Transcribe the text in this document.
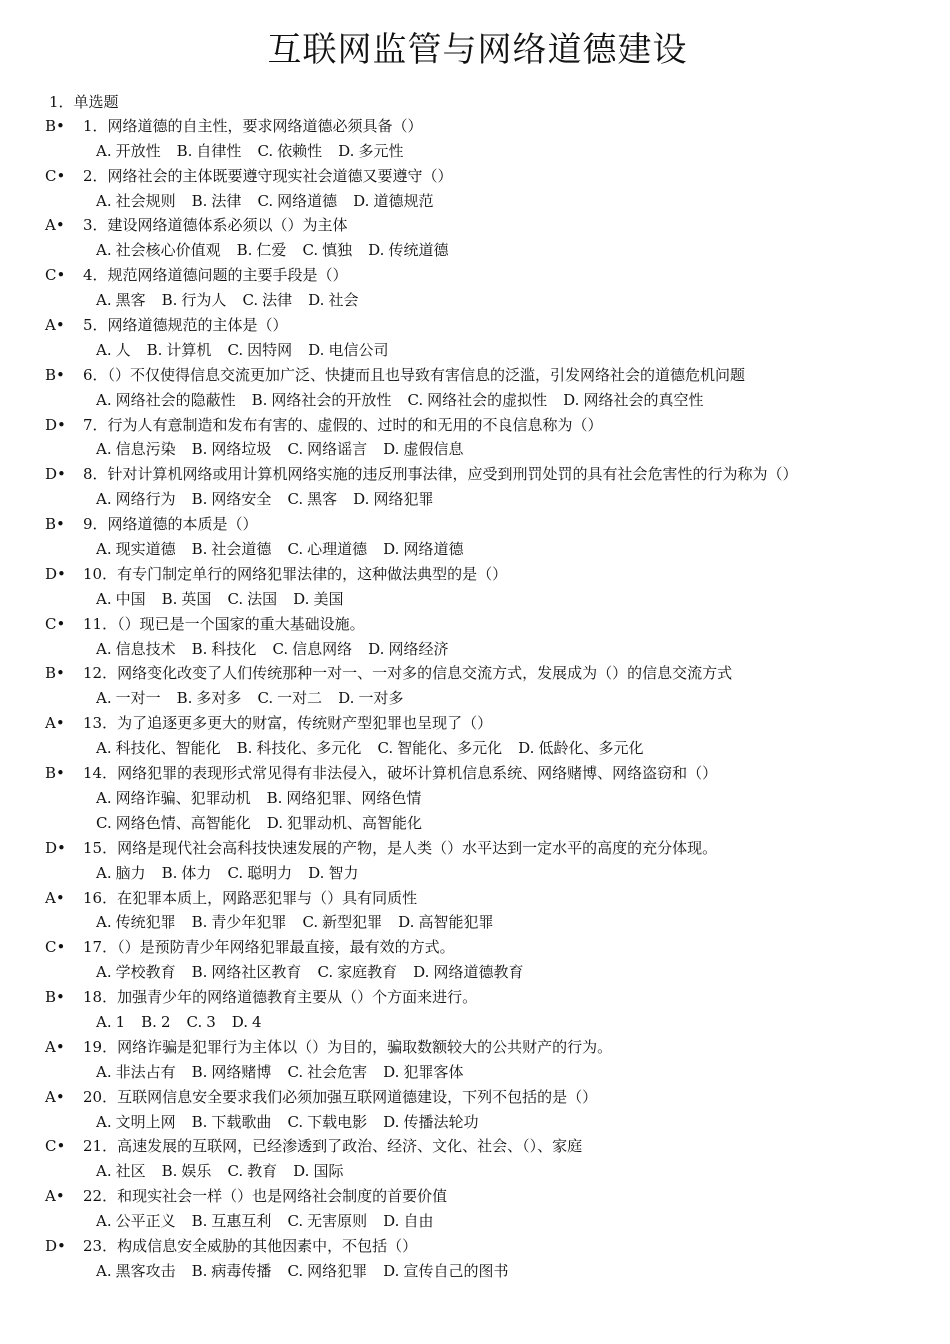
互联网监管与网络道德建设
1．单选题
B•	1．网络道德的自主性，要求网络道德必须具备（）
A. 开放性 B. 自律性 C. 依赖性 D. 多元性
C•	2．网络社会的主体既要遵守现实社会道德又要遵守（）
A. 社会规则 B. 法律 C. 网络道德 D. 道德规范
A•	3．建设网络道德体系必须以（）为主体
A. 社会核心价值观 B. 仁爱 C. 慎独 D. 传统道德
C•	4．规范网络道德问题的主要手段是（）
A. 黑客 B. 行为人 C. 法律 D. 社会
A•	5．网络道德规范的主体是（）
A. 人 B. 计算机 C. 因特网 D. 电信公司
B•	6．（）不仅使得信息交流更加广泛、快捷而且也导致有害信息的泛滥，引发网络社会的道德危机问题
A. 网络社会的隐蔽性 B. 网络社会的开放性 C. 网络社会的虚拟性 D. 网络社会的真空性
D•	7．行为人有意制造和发布有害的、虚假的、过时的和无用的不良信息称为（）
A. 信息污染 B. 网络垃圾 C. 网络谣言 D. 虚假信息
D•	8．针对计算机网络或用计算机网络实施的违反刑事法律，应受到刑罚处罚的具有社会危害性的行为称为（）
A. 网络行为 B. 网络安全 C. 黑客 D. 网络犯罪
B•	9．网络道德的本质是（）
A. 现实道德 B. 社会道德 C. 心理道德 D. 网络道德
D•	10．有专门制定单行的网络犯罪法律的，这种做法典型的是（）
A. 中国 B. 英国 C. 法国 D. 美国
C•	11．（）现已是一个国家的重大基础设施。
A. 信息技术 B. 科技化 C. 信息网络 D. 网络经济
B•	12．网络变化改变了人们传统那种一对一、一对多的信息交流方式，发展成为（）的信息交流方式
A. 一对一 B. 多对多 C. 一对二 D. 一对多
A•	13．为了追逐更多更大的财富，传统财产型犯罪也呈现了（）
A. 科技化、智能化 B. 科技化、多元化 C. 智能化、多元化 D. 低龄化、多元化
B•	14．网络犯罪的表现形式常见得有非法侵入，破坏计算机信息系统、网络赌博、网络盗窃和（）
A. 网络诈骗、犯罪动机 B. 网络犯罪、网络色情
C. 网络色情、高智能化 D. 犯罪动机、高智能化
D•	15．网络是现代社会高科技快速发展的产物，是人类（）水平达到一定水平的高度的充分体现。
A. 脑力 B. 体力 C. 聪明力 D. 智力
A•	16．在犯罪本质上，网路恶犯罪与（）具有同质性
A. 传统犯罪 B. 青少年犯罪 C. 新型犯罪 D. 高智能犯罪
C•	17．（）是预防青少年网络犯罪最直接，最有效的方式。
A. 学校教育 B. 网络社区教育 C. 家庭教育 D. 网络道德教育
B•	18．加强青少年的网络道德教育主要从（）个方面来进行。
A. 1 B. 2 C. 3 D. 4
A•	19．网络诈骗是犯罪行为主体以（）为目的，骗取数额较大的公共财产的行为。
A. 非法占有 B. 网络赌博 C. 社会危害 D. 犯罪客体
A•	20．互联网信息安全要求我们必须加强互联网道德建设，下列不包括的是（）
A. 文明上网 B. 下载歌曲 C. 下载电影 D. 传播法轮功
C•	21．高速发展的互联网，已经渗透到了政治、经济、文化、社会、（）、家庭
A. 社区 B. 娱乐 C. 教育 D. 国际
A•	22．和现实社会一样（）也是网络社会制度的首要价值
A. 公平正义 B. 互惠互利 C. 无害原则 D. 自由
D•	23．构成信息安全威胁的其他因素中，不包括（）
A. 黑客攻击 B. 病毒传播 C. 网络犯罪 D. 宣传自己的图书
